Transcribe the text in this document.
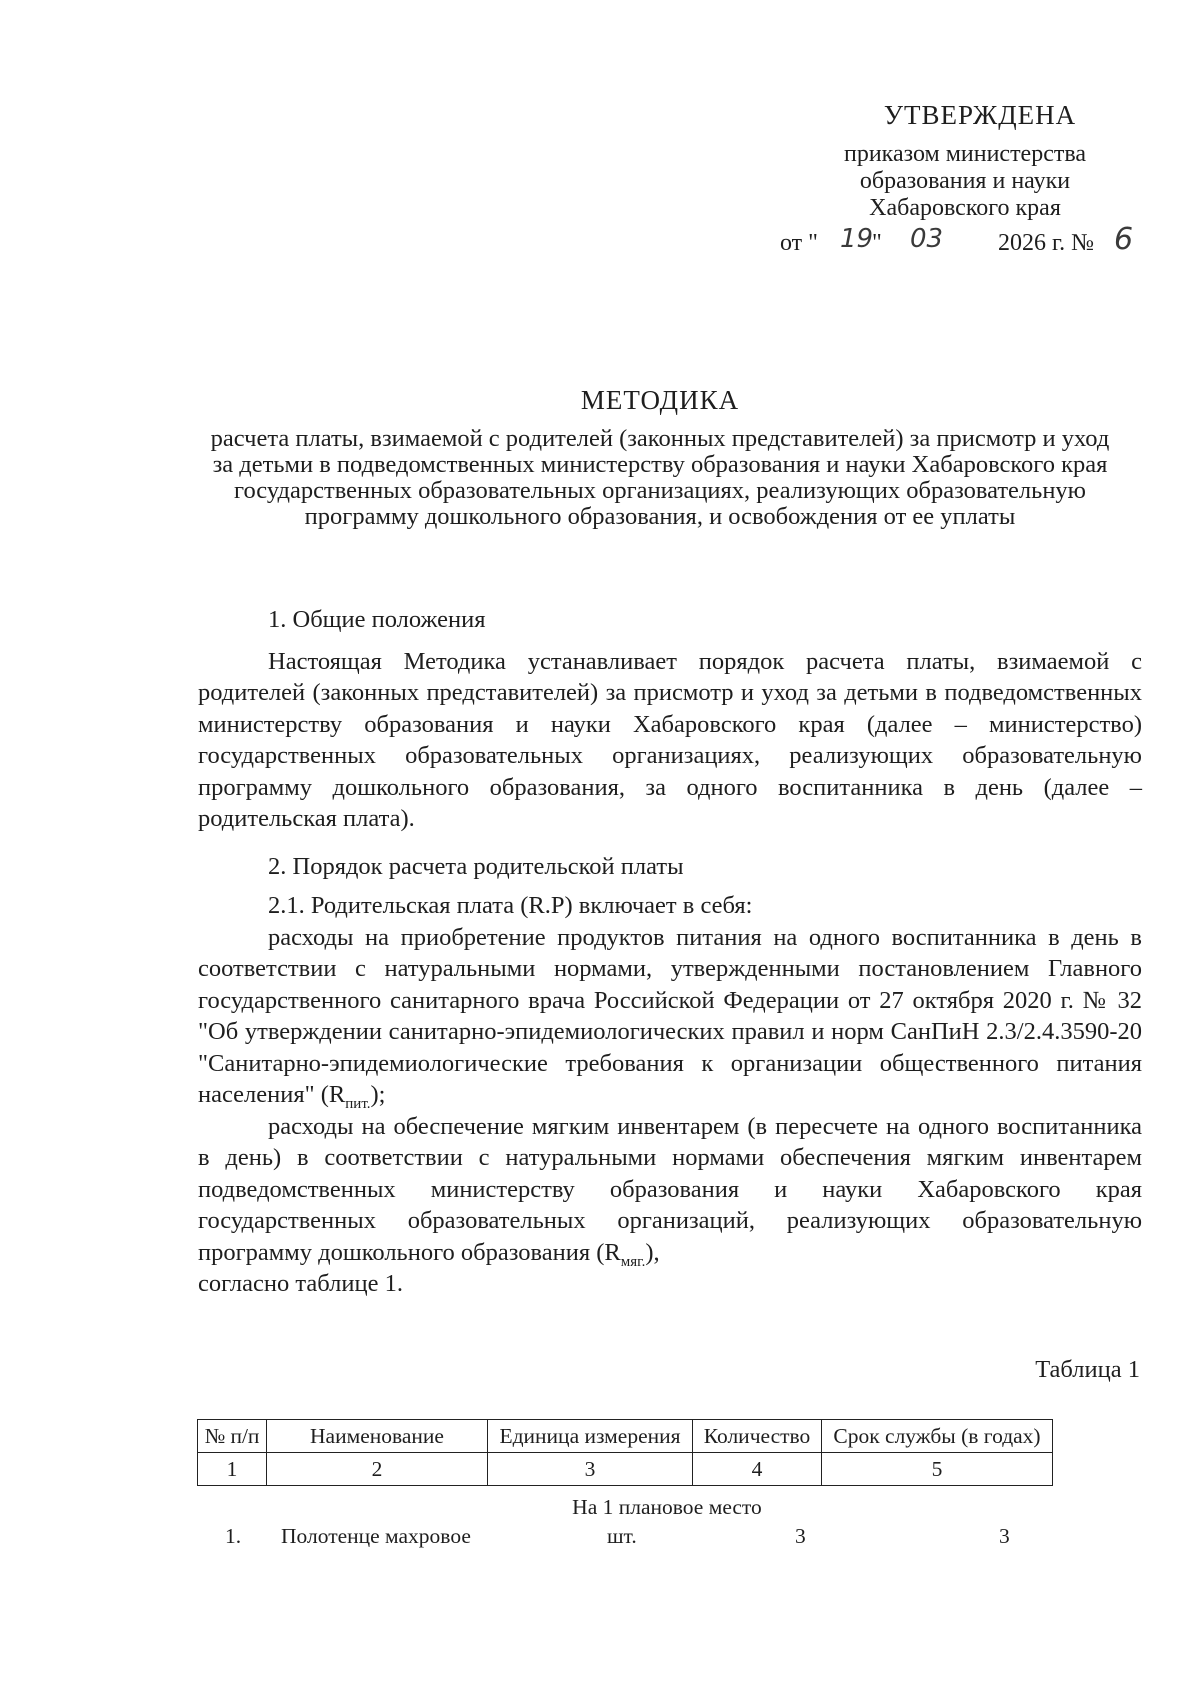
УТВЕРЖДЕНА
приказом министерства
образования и науки
Хабаровского края
от " 19
" 03 2026 г. № 6
МЕТОДИКА
расчета платы, взимаемой с родителей (законных представителей) за присмотр и уход за детьми в подведомственных министерству образования и науки Хабаровского края государственных образовательных организациях, реализующих образовательную программу дошкольного образования, и освобождения от ее уплаты

1. Общие положения

Настоящая Методика устанавливает порядок расчета платы, взимаемой с родителей (законных представителей) за присмотр и уход за детьми в подведомственных министерству образования и науки Хабаровского края (далее – министерство) государственных образовательных организациях, реализующих образовательную программу дошкольного образования, за одного воспитанника в день (далее – родительская плата).

2. Порядок расчета родительской платы

2.1. Родительская плата (R.P) включает в себя:

расходы на приобретение продуктов питания на одного воспитанника в день в соответствии с натуральными нормами, утвержденными постановлением Главного государственного санитарного врача Российской Федерации от 27 октября 2020 г. № 32 "Об утверждении санитарно-эпидемиологических правил и норм СанПиН 2.3/2.4.3590-20 "Санитарно-эпидемиологические требования к организации общественного питания населения" $(R_{пит.})$;

расходы на обеспечение мягким инвентарем (в пересчете на одного воспитанника в день) в соответствии с натуральными нормами обеспечения мягким инвентарем подведомственных министерству образования и науки Хабаровского края государственных образовательных организаций, реализующих образовательную программу дошкольного образования $(R_{мяг.})$,

согласно таблице 1.

Таблица 1
№ п/п	Наименование	Единица измерения	Количество	Срок службы (в годах)
1	2	3	4	5
На 1 плановое место
1. Полотенце махровое	шт.	3	3
